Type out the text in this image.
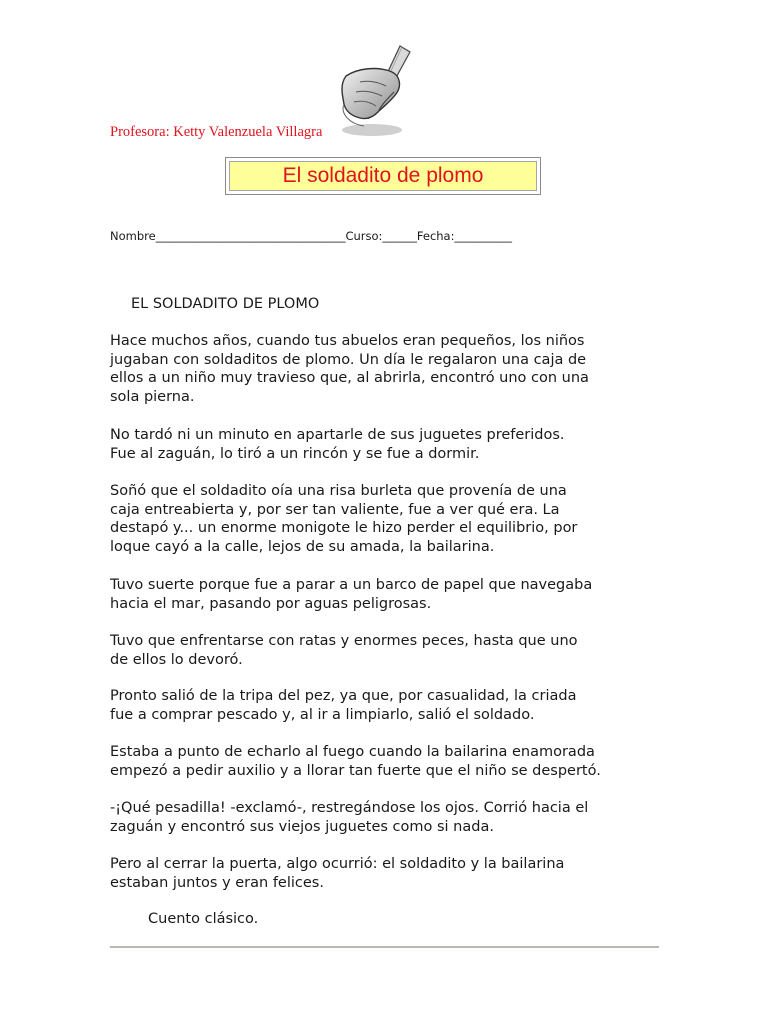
Profesora: Ketty Valenzuela Villagra
El soldadito de plomo
Nombre_________________________________Curso:______Fecha:__________
EL SOLDADITO DE PLOMO

Hace muchos años, cuando tus abuelos eran pequeños, los niños
jugaban con soldaditos de plomo. Un día le regalaron una caja de
ellos a un niño muy travieso que, al abrirla, encontró uno con una
sola pierna.

No tardó ni un minuto en apartarle de sus juguetes preferidos.
Fue al zaguán, lo tiró a un rincón y se fue a dormir.

Soñó que el soldadito oía una risa burleta que provenía de una
caja entreabierta y, por ser tan valiente, fue a ver qué era. La
destapó y... un enorme monigote le hizo perder el equilibrio, por
loque cayó a la calle, lejos de su amada, la bailarina.

Tuvo suerte porque fue a parar a un barco de papel que navegaba
hacia el mar, pasando por aguas peligrosas.

Tuvo que enfrentarse con ratas y enormes peces, hasta que uno
de ellos lo devoró.

Pronto salió de la tripa del pez, ya que, por casualidad, la criada
fue a comprar pescado y, al ir a limpiarlo, salió el soldado.

Estaba a punto de echarlo al fuego cuando la bailarina enamorada
empezó a pedir auxilio y a llorar tan fuerte que el niño se despertó.

-¡Qué pesadilla! -exclamó-, restregándose los ojos. Corrió hacia el
zaguán y encontró sus viejos juguetes como si nada.

Pero al cerrar la puerta, algo ocurrió: el soldadito y la bailarina
estaban juntos y eran felices.

Cuento clásico.
